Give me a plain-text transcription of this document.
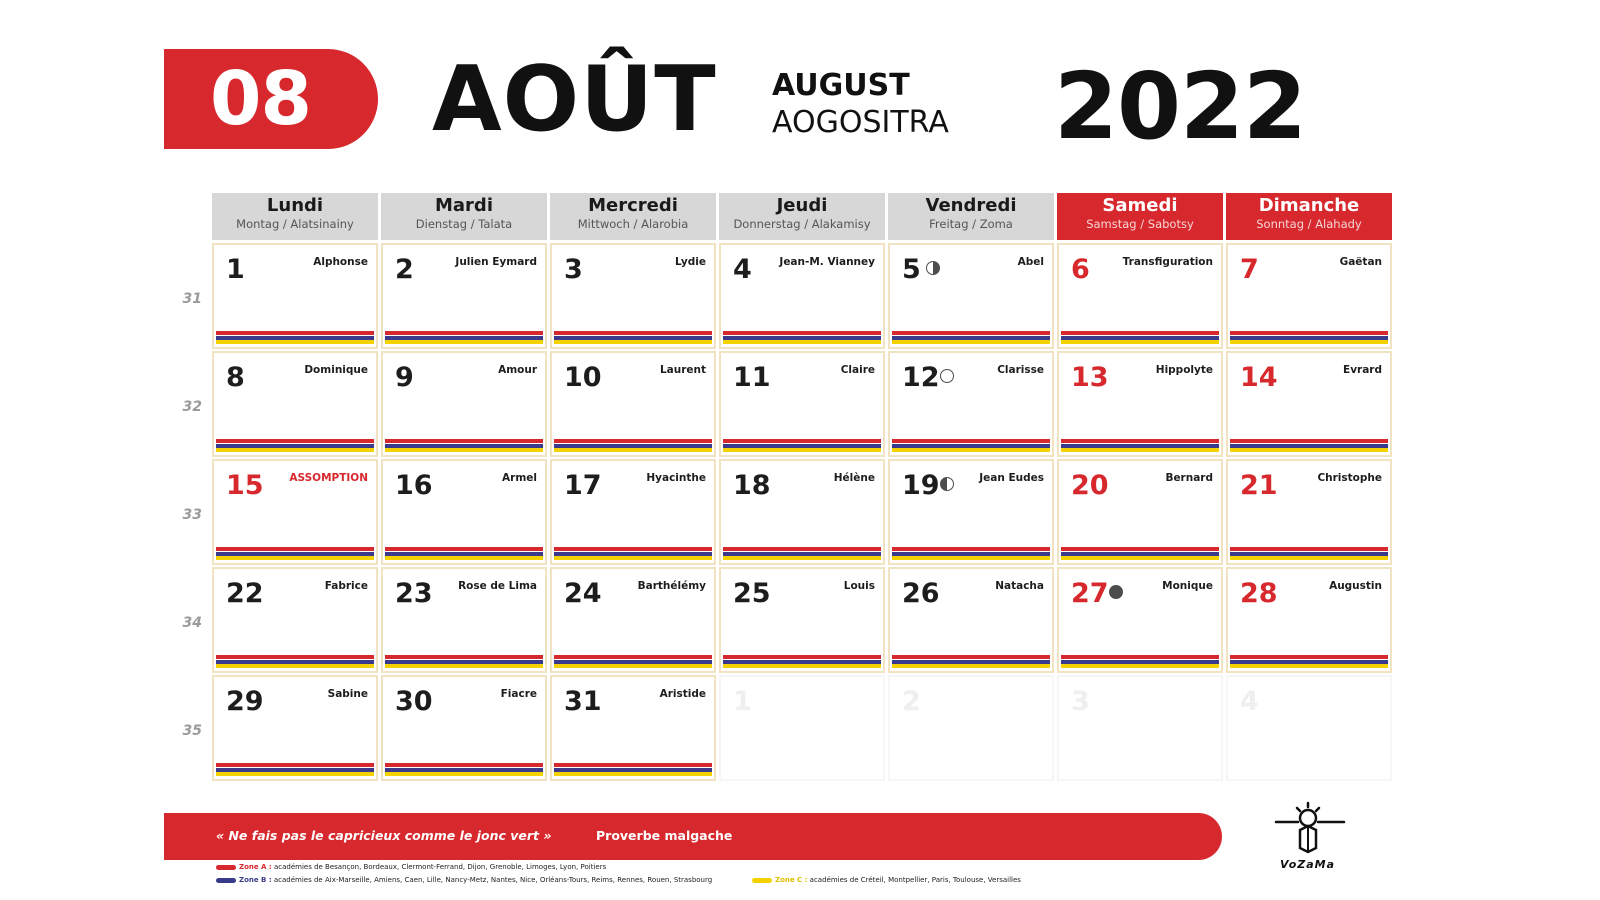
08 AOÛT AUGUST
AOGOSITRA 2022
Lundi
Montag / Alatsinainy
Mardi
Dienstag / Talata
Mercredi
Mittwoch / Alarobia
Jeudi
Donnerstag / Alakamisy
Vendredi
Freitag / Zoma
Samedi
Samstag / Sabotsy
Dimanche
Sonntag / Alahady
31
1	Alphonse 2	Julien Eymard 3	Lydie 4	Jean-M. Vianney 5	Abel 6	Transfiguration 7	Gaëtan
32
8	Dominique 9	Amour 10	Laurent 11	Claire 12	Clarisse 13	Hippolyte 14	Evrard
33
15 ASSOMPTION 16	Armel 17	Hyacinthe 18	Hélène 19	Jean Eudes 20	Bernard 21	Christophe
34
22	Fabrice 23 Rose de Lima 24	Barthélémy 25	Louis 26	Natacha 27	Monique 28	Augustin
35
29	Sabine 30	Fiacre 31	Aristide 1	2	3	4
« Ne fais pas le capricieux comme le jonc vert »	Proverbe malgache
Zone A : académies de Besançon, Bordeaux, Clermont-Ferrand, Dijon, Grenoble, Limoges, Lyon, Poitiers
Zone B : académies de Aix-Marseille, Amiens, Caen, Lille, Nancy-Metz, Nantes, Nice, Orléans-Tours, Reims, Rennes, Rouen, Strasbourg	Zone C : académies de Créteil, Montpellier, Paris, Toulouse, Versailles
VoZaMa
